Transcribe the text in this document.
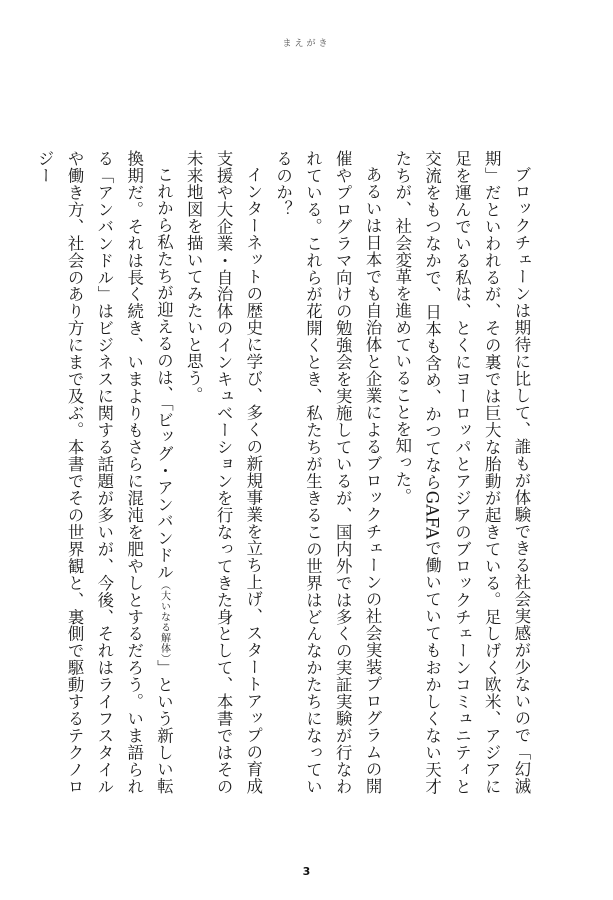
まえがき

ブロックチェーンは期待に比して、誰もが体験できる社会実感が少ないので「幻滅期」だといわれるが、その裏では巨大な胎動が起きている。足しげく欧米、アジアに足を運んでいる私は、とくにヨーロッパとアジアのブロックチェーンコミュニティと交流をもつなかで、日本も含め、かつてならGAFAで働いていてもおかしくない天才たちが、社会変革を進めていることを知った。

あるいは日本でも自治体と企業によるブロックチェーンの社会実装プログラムの開催やプログラマ向けの勉強会を実施しているが、国内外では多くの実証実験が行なわれている。これらが花開くとき、私たちが生きるこの世界はどんなかたちになっているのか？

インターネットの歴史に学び、多くの新規事業を立ち上げ、スタートアップの育成支援や大企業・自治体のインキュベーションを行なってきた身として、本書ではその未来地図を描いてみたいと思う。

これから私たちが迎えるのは、「ビッグ・アンバンドル（大いなる解体）」という新しい転換期だ。それは長く続き、いまよりもさらに混沌を肥やしとするだろう。いま語られる「アンバンドル」はビジネスに関する話題が多いが、今後、それはライフスタイルや働き方、社会のあり方にまで及ぶ。本書でその世界観と、裏側で駆動するテクノロジー

3
